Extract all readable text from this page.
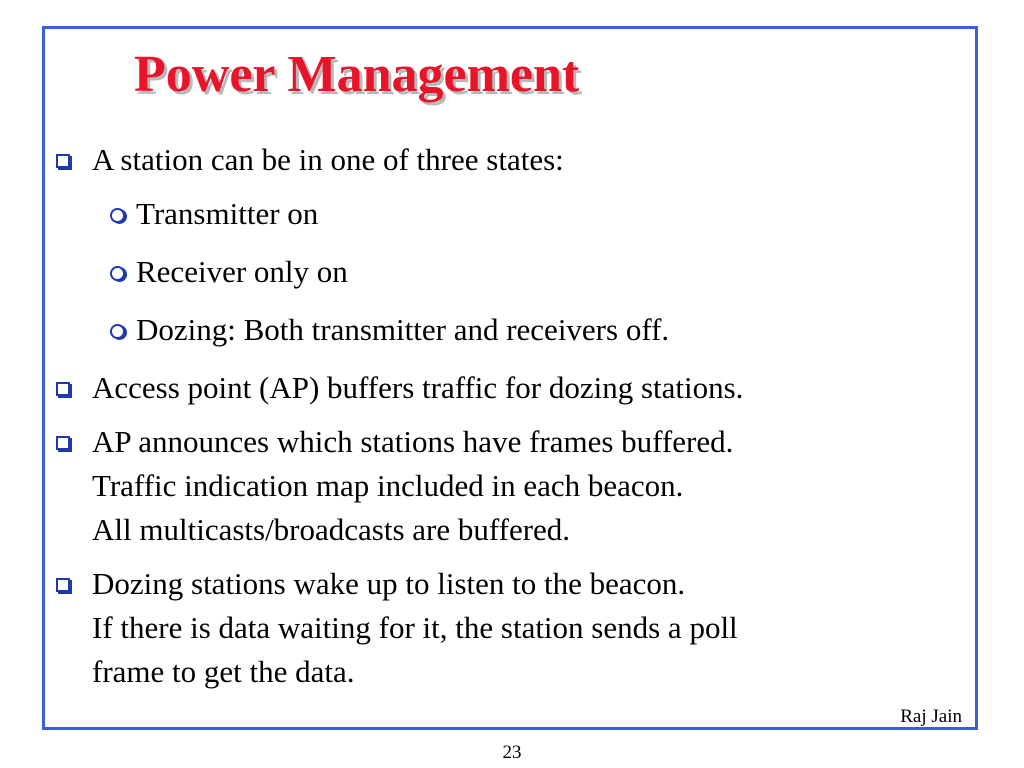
Power Management
A station can be in one of three states:
Transmitter on
Receiver only on
Dozing: Both transmitter and receivers off.
Access point (AP) buffers traffic for dozing stations.
AP announces which stations have frames buffered.
Traffic indication map included in each beacon.
All multicasts/broadcasts are buffered.
Dozing stations wake up to listen to the beacon.
If there is data waiting for it, the station sends a poll
frame to get the data.
Raj Jain
23
